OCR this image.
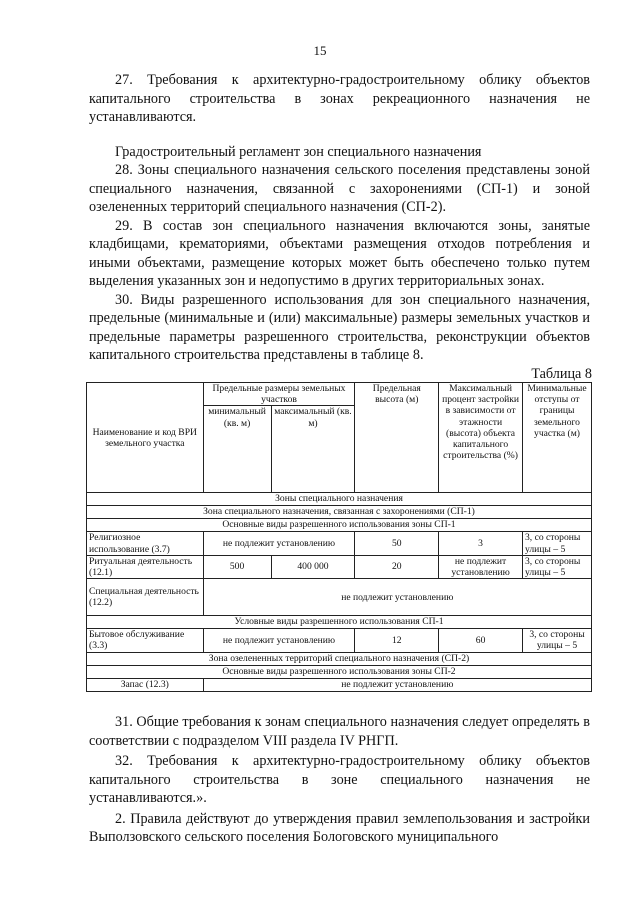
15

27. Требования к архитектурно-градостроительному облику объектов капитального строительства в зонах рекреационного назначения не устанавливаются.

Градостроительный регламент зон специального назначения

28. Зоны специального назначения сельского поселения представлены зоной специального назначения, связанной с захоронениями (СП-1) и зоной озелененных территорий специального назначения (СП-2).

29. В состав зон специального назначения включаются зоны, занятые кладбищами, крематориями, объектами размещения отходов потребления и иными объектами, размещение которых может быть обеспечено только путем выделения указанных зон и недопустимо в других территориальных зонах.

30. Виды разрешенного использования для зон специального назначения, предельные (минимальные и (или) максимальные) размеры земельных участков и предельные параметры разрешенного строительства, реконструкции объектов капитального строительства представлены в таблице 8.

Таблица 8
Наименование и код ВРИ земельного участка	Предельные размеры земельных участков		Предельная высота (м)	Максимальный процент застройки в зависимости от этажности (высота) объекта капитального строительства (%)	Минимальные отступы от границы земельного участка (м)
	минимальный (кв. м)	максимальный (кв. м)			
Зоны специального назначения					
Зона специального назначения, связанная с захоронениями (СП-1)					
Основные виды разрешенного использования зоны СП-1					
Религиозное использование (3.7)	не подлежит установлению		50	3	3, со стороны улицы – 5
Ритуальная деятельность (12.1)	500	400 000	20	не подлежит установлению	3, со стороны улицы – 5
Специальная деятельность (12.2)	не подлежит установлению				
Условные виды разрешенного использования СП-1					
Бытовое обслуживание (3.3)	не подлежит установлению		12	60	3, со стороны улицы – 5
Зона озелененных территорий специального назначения (СП-2)					
Основные виды разрешенного использования зоны СП-2					
Запас (12.3)	не подлежит установлению				

31. Общие требования к зонам специального назначения следует определять в соответствии с подразделом VIII раздела IV РНГП.

32. Требования к архитектурно-градостроительному облику объектов капитального строительства в зоне специального назначения не устанавливаются.».

2. Правила действуют до утверждения правил землепользования и застройки Выползовского сельского поселения Бологовского муниципального
